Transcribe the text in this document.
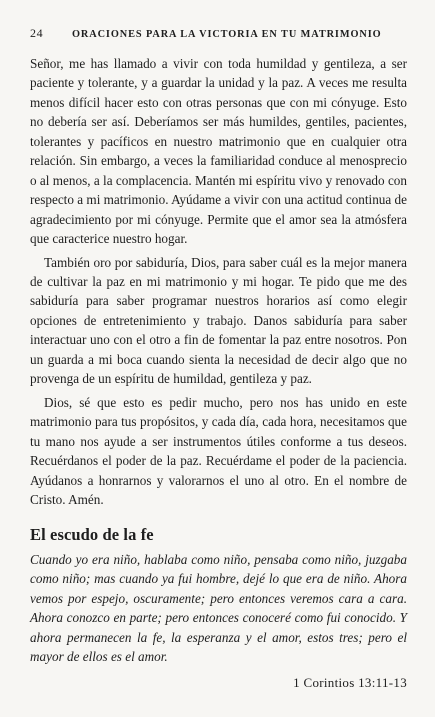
24	ORACIONES PARA LA VICTORIA EN TU MATRIMONIO

Señor, me has llamado a vivir con toda humildad y gentileza, a ser paciente y tolerante, y a guardar la unidad y la paz. A veces me resulta menos difícil hacer esto con otras personas que con mi cónyuge. Esto no debería ser así. Deberíamos ser más humildes, gentiles, pacientes, tolerantes y pacíficos en nuestro matrimonio que en cualquier otra relación. Sin embargo, a veces la familiaridad conduce al menosprecio o al menos, a la complacencia. Mantén mi espíritu vivo y renovado con respecto a mi matrimonio. Ayúdame a vivir con una actitud continua de agradecimiento por mi cónyuge. Permite que el amor sea la atmósfera que caracterice nuestro hogar.

También oro por sabiduría, Dios, para saber cuál es la mejor manera de cultivar la paz en mi matrimonio y mi hogar. Te pido que me des sabiduría para saber programar nuestros horarios así como elegir opciones de entretenimiento y trabajo. Danos sabiduría para saber interactuar uno con el otro a fin de fomentar la paz entre nosotros. Pon un guarda a mi boca cuando sienta la necesidad de decir algo que no provenga de un espíritu de humildad, gentileza y paz.

Dios, sé que esto es pedir mucho, pero nos has unido en este matrimonio para tus propósitos, y cada día, cada hora, necesitamos que tu mano nos ayude a ser instrumentos útiles conforme a tus deseos. Recuérdanos el poder de la paz. Recuérdame el poder de la paciencia. Ayúdanos a honrarnos y valorarnos el uno al otro. En el nombre de Cristo. Amén.

El escudo de la fe

Cuando yo era niño, hablaba como niño, pensaba como niño, juzgaba como niño; mas cuando ya fui hombre, dejé lo que era de niño. Ahora vemos por espejo, oscuramente; pero entonces veremos cara a cara. Ahora conozco en parte; pero entonces conoceré como fui conocido. Y ahora permanecen la fe, la esperanza y el amor, estos tres; pero el mayor de ellos es el amor.

1 Corintios 13:11-13
